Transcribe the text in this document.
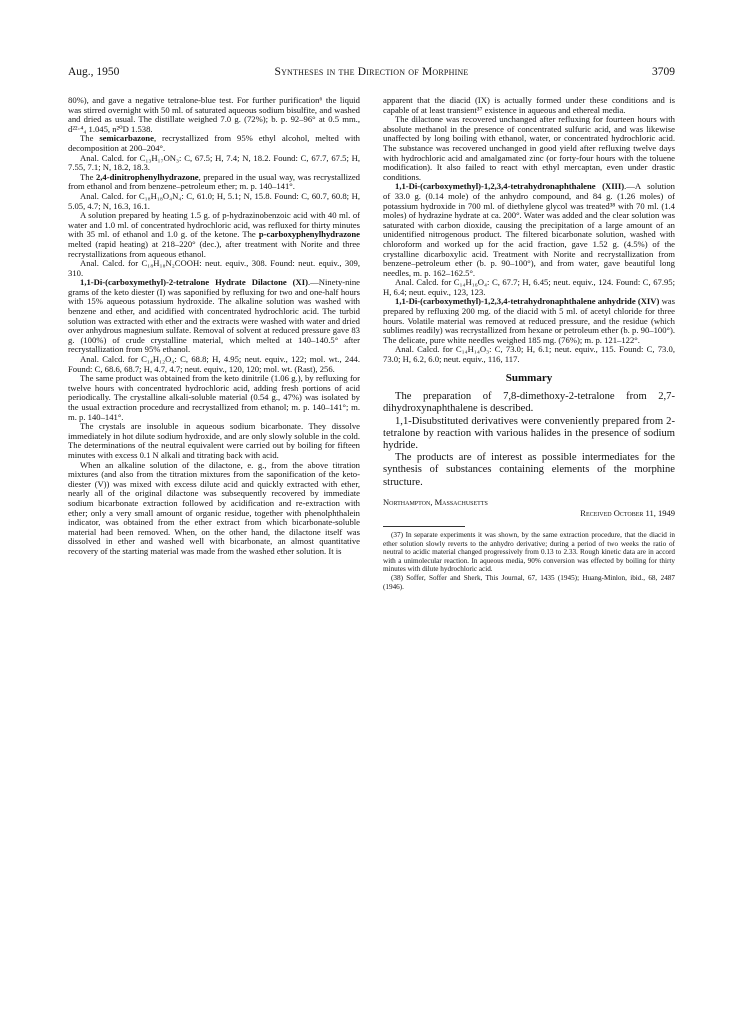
Aug., 1950	Syntheses in the Direction of Morphine	3709

80%), and gave a negative tetralone-blue test. For further purification⁶ the liquid was stirred overnight with 50 ml. of saturated aqueous sodium bisulfite, and washed and dried as usual. The distillate weighed 7.0 g. (72%); b. p. 92–96° at 0.5 mm., d²²·⁴₄ 1.045, n²⁰D 1.538.

The semicarbazone, recrystallized from 95% ethyl alcohol, melted with decomposition at 200–204°.

Anal. Calcd. for C₁₃H₁₇ON₃: C, 67.5; H, 7.4; N, 18.2. Found: C, 67.7, 67.5; H, 7.55, 7.1; N, 18.2, 18.3.

The 2,4-dinitrophenylhydrazone, prepared in the usual way, was recrystallized from ethanol and from benzene–petroleum ether; m. p. 140–141°.

Anal. Calcd. for C₁₈H₁₈O₄N₄: C, 61.0; H, 5.1; N, 15.8. Found: C, 60.7, 60.8; H, 5.05, 4.7; N, 16.3, 16.1.

A solution prepared by heating 1.5 g. of p-hydrazinobenzoic acid with 40 ml. of water and 1.0 ml. of concentrated hydrochloric acid, was refluxed for thirty minutes with 35 ml. of ethanol and 1.0 g. of the ketone. The p-carboxyphenylhydrazone melted (rapid heating) at 218–220° (dec.), after treatment with Norite and three recrystallizations from aqueous ethanol.

Anal. Calcd. for C₁₈H₁₈N₂COOH: neut. equiv., 308. Found: neut. equiv., 309, 310.

1,1-Di-(carboxymethyl)-2-tetralone Hydrate Dilactone (XI).—Ninety-nine grams of the keto diester (I) was saponified by refluxing for two and one-half hours with 15% aqueous potassium hydroxide. The alkaline solution was washed with benzene and ether, and acidified with concentrated hydrochloric acid. The turbid solution was extracted with ether and the extracts were washed with water and dried over anhydrous magnesium sulfate. Removal of solvent at reduced pressure gave 83 g. (100%) of crude crystalline material, which melted at 140–140.5° after recrystallization from 95% ethanol.

Anal. Calcd. for C₁₄H₁₂O₄: C, 68.8; H, 4.95; neut. equiv., 122; mol. wt., 244. Found: C, 68.6, 68.7; H, 4.7, 4.7; neut. equiv., 120, 120; mol. wt. (Rast), 256.

The same product was obtained from the keto dinitrile (1.06 g.), by refluxing for twelve hours with concentrated hydrochloric acid, adding fresh portions of acid periodically. The crystalline alkali-soluble material (0.54 g., 47%) was isolated by the usual extraction procedure and recrystallized from ethanol; m. p. 140–141°; m. m. p. 140–141°.

The crystals are insoluble in aqueous sodium bicarbonate. They dissolve immediately in hot dilute sodium hydroxide, and are only slowly soluble in the cold. The determinations of the neutral equivalent were carried out by boiling for fifteen minutes with excess 0.1 N alkali and titrating back with acid.

When an alkaline solution of the dilactone, e. g., from the above titration mixtures (and also from the titration mixtures from the saponification of the keto-diester (V)) was mixed with excess dilute acid and quickly extracted with ether, nearly all of the original dilactone was subsequently recovered by immediate sodium bicarbonate extraction followed by acidification and re-extraction with ether; only a very small amount of organic residue, together with phenolphthalein indicator, was obtained from the ether extract from which bicarbonate-soluble material had been removed. When, on the other hand, the dilactone itself was dissolved in ether and washed well with bicarbonate, an almost quantitative recovery of the starting material was made from the washed ether solution. It is

apparent that the diacid (IX) is actually formed under these conditions and is capable of at least transient³⁷ existence in aqueous and ethereal media.

The dilactone was recovered unchanged after refluxing for fourteen hours with absolute methanol in the presence of concentrated sulfuric acid, and was likewise unaffected by long boiling with ethanol, water, or concentrated hydrochloric acid. The substance was recovered unchanged in good yield after refluxing twelve days with hydrochloric acid and amalgamated zinc (or forty-four hours with the toluene modification). It also failed to react with ethyl mercaptan, even under drastic conditions.

1,1-Di-(carboxymethyl)-1,2,3,4-tetrahydronaphthalene (XIII).—A solution of 33.0 g. (0.14 mole) of the anhydro compound, and 84 g. (1.26 moles) of potassium hydroxide in 700 ml. of diethylene glycol was treated³⁸ with 70 ml. (1.4 moles) of hydrazine hydrate at ca. 200°. Water was added and the clear solution was saturated with carbon dioxide, causing the precipitation of a large amount of an unidentified nitrogenous product. The filtered bicarbonate solution, washed with chloroform and worked up for the acid fraction, gave 1.52 g. (4.5%) of the crystalline dicarboxylic acid. Treatment with Norite and recrystallization from benzene–petroleum ether (b. p. 90–100°), and from water, gave beautiful long needles, m. p. 162–162.5°.

Anal. Calcd. for C₁₄H₁₆O₄: C, 67.7; H, 6.45; neut. equiv., 124. Found: C, 67.95; H, 6.4; neut. equiv., 123, 123.

1,1-Di-(carboxymethyl)-1,2,3,4-tetrahydronaphthalene anhydride (XIV) was prepared by refluxing 200 mg. of the diacid with 5 ml. of acetyl chloride for three hours. Volatile material was removed at reduced pressure, and the residue (which sublimes readily) was recrystallized from hexane or petroleum ether (b. p. 90–100°). The delicate, pure white needles weighed 185 mg. (76%); m. p. 121–122°.

Anal. Calcd. for C₁₄H₁₄O₃: C, 73.0; H, 6.1; neut. equiv., 115. Found: C, 73.0, 73.0; H, 6.2, 6.0; neut. equiv., 116, 117.

Summary

The preparation of 7,8-dimethoxy-2-tetralone from 2,7-dihydroxynaphthalene is described.

1,1-Disubstituted derivatives were conveniently prepared from 2-tetralone by reaction with various halides in the presence of sodium hydride.

The products are of interest as possible intermediates for the synthesis of substances containing elements of the morphine structure.

Northampton, Massachusetts
Received October 11, 1949

(37) In separate experiments it was shown, by the same extraction procedure, that the diacid in ether solution slowly reverts to the anhydro derivative; during a period of two weeks the ratio of neutral to acidic material changed progressively from 0.13 to 2.33. Rough kinetic data are in accord with a unimolecular reaction. In aqueous media, 90% conversion was effected by boiling for thirty minutes with dilute hydrochloric acid.

(38) Soffer, Soffer and Sherk, This Journal, 67, 1435 (1945); Huang-Minlon, ibid., 68, 2487 (1946).
